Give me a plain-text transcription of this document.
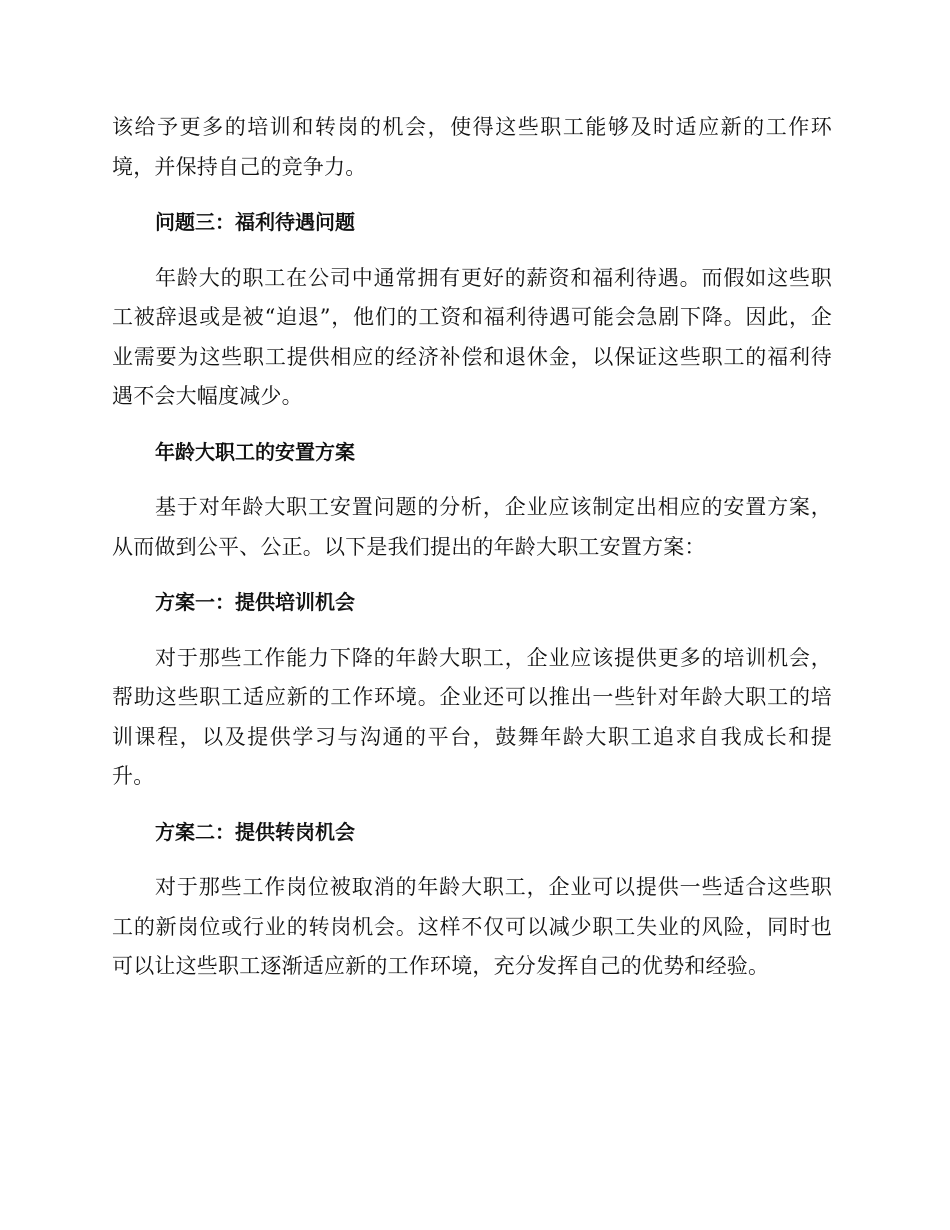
该给予更多的培训和转岗的机会，使得这些职工能够及时适应新的工作环境，并保持自己的竞争力。

问题三：福利待遇问题

年龄大的职工在公司中通常拥有更好的薪资和福利待遇。而假如这些职工被辞退或是被“迫退”，他们的工资和福利待遇可能会急剧下降。因此，企业需要为这些职工提供相应的经济补偿和退休金，以保证这些职工的福利待遇不会大幅度减少。

年龄大职工的安置方案

基于对年龄大职工安置问题的分析，企业应该制定出相应的安置方案，从而做到公平、公正。以下是我们提出的年龄大职工安置方案：

方案一：提供培训机会

对于那些工作能力下降的年龄大职工，企业应该提供更多的培训机会，帮助这些职工适应新的工作环境。企业还可以推出一些针对年龄大职工的培训课程，以及提供学习与沟通的平台，鼓舞年龄大职工追求自我成长和提升。

方案二：提供转岗机会

对于那些工作岗位被取消的年龄大职工，企业可以提供一些适合这些职工的新岗位或行业的转岗机会。这样不仅可以减少职工失业的风险，同时也可以让这些职工逐渐适应新的工作环境，充分发挥自己的优势和经验。
